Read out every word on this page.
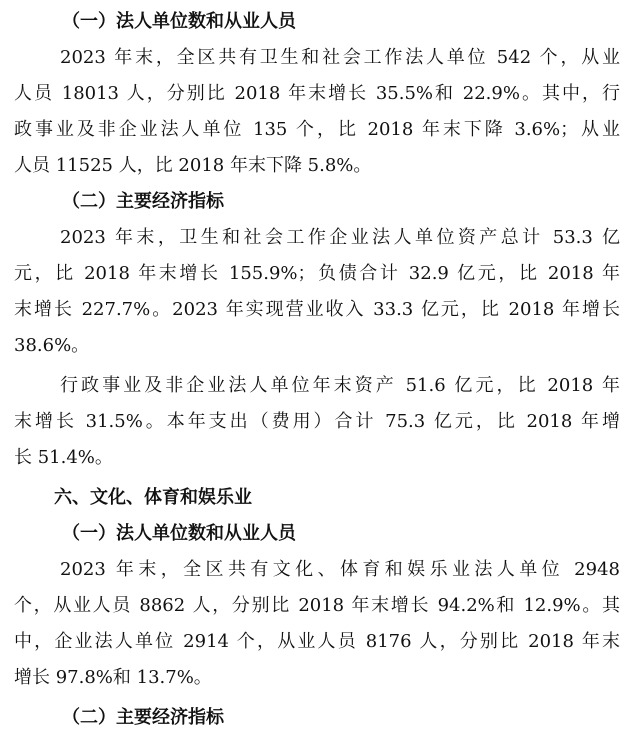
（一）法人单位数和从业人员
2023 年末，全区共有卫生和社会工作法人单位 542 个，从业
人员 18013 人，分别比 2018 年末增长 35.5%和 22.9%。其中，行
政事业及非企业法人单位 135 个，比 2018 年末下降 3.6%；从业
人员 11525 人，比 2018 年末下降 5.8%。
（二）主要经济指标
2023 年末，卫生和社会工作企业法人单位资产总计 53.3 亿
元，比 2018 年末增长 155.9%；负债合计 32.9 亿元，比 2018 年
末增长 227.7%。2023 年实现营业收入 33.3 亿元，比 2018 年增长
38.6%。
行政事业及非企业法人单位年末资产 51.6 亿元，比 2018 年
末增长 31.5%。本年支出（费用）合计 75.3 亿元，比 2018 年增
长 51.4%。
六、文化、体育和娱乐业
（一）法人单位数和从业人员
2023 年末，全区共有文化、体育和娱乐业法人单位 2948
个，从业人员 8862 人，分别比 2018 年末增长 94.2%和 12.9%。其
中，企业法人单位 2914 个，从业人员 8176 人，分别比 2018 年末
增长 97.8%和 13.7%。
（二）主要经济指标
